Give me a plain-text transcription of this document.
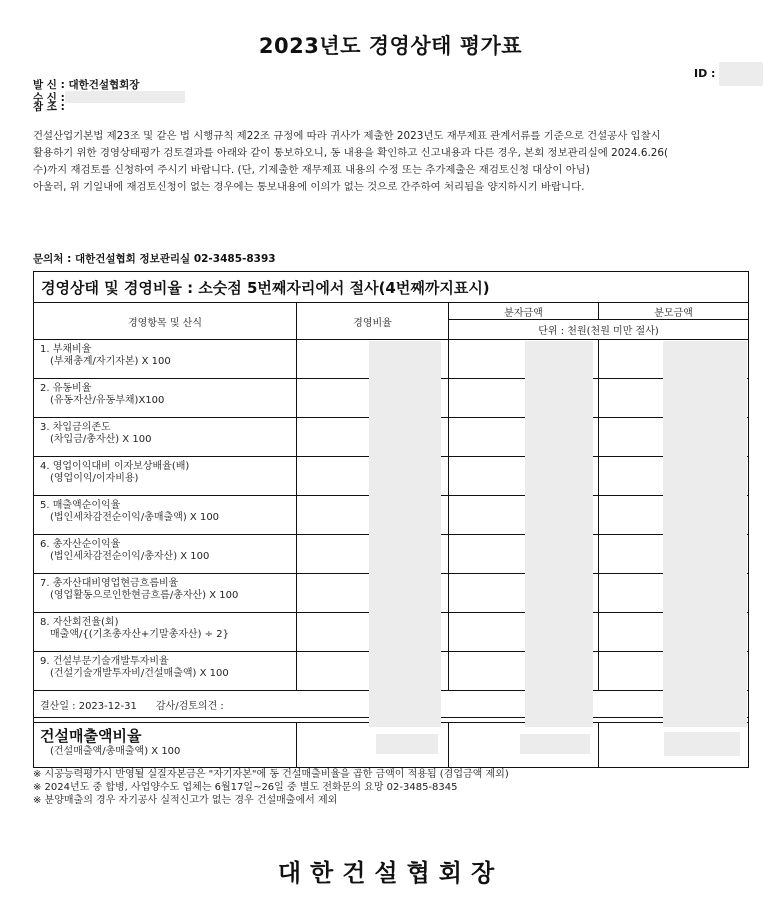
2023년도 경영상태 평가표
ID :
발 신 : 대한건설협회장
수 신 :
참 조 :

건설산업기본법 제23조 및 같은 법 시행규칙 제22조 규정에 따라 귀사가 제출한 2023년도 재무제표 관계서류를 기준으로 건설공사 입찰시

활용하기 위한 경영상태평가 검토결과를 아래와 같이 통보하오니, 동 내용을 확인하고 신고내용과 다른 경우, 본회 정보관리실에 2024.6.26(

수)까지 재검토를 신청하여 주시기 바랍니다. (단, 기제출한 재무제표 내용의 수정 또는 추가제출은 재검토신청 대상이 아님)

아울러, 위 기일내에 재검토신청이 없는 경우에는 통보내용에 이의가 없는 것으로 간주하여 처리됨을 양지하시기 바랍니다.

문의처 : 대한건설협회 정보관리실 02-3485-8393
경영상태 및 경영비율 : 소숫점 5번째자리에서 절사(4번째까지표시)			
경영항목 및 산식	경영비율	분자금액	분모금액
		단위 : 천원(천원 미만 절사)	

1. 부채비율
(부채총계/자기자본) X 100			

2. 유동비율
(유동자산/유동부채)X100			

3. 차입금의존도
(차입금/총자산) X 100			

4. 영업이익대비 이자보상배율(배)
(영업이익/이자비용)			

5. 매출액순이익율
(법인세차감전순이익/총매출액) X 100			

6. 총자산순이익율
(법인세차감전순이익/총자산) X 100			

7. 총자산대비영업현금흐름비율
(영업활동으로인한현금흐름/총자산) X 100			

8. 자산회전율(회)
매출액/{(기초총자산+기말총자산) ÷ 2}			

9. 건설부문기술개발투자비율
(건설기술개발투자비/건설매출액) X 100			

결산일 : 2023-12-31      감사/검토의견 :			

건설매출액비율
(건설매출액/총매출액) X 100			

※ 시공능력평가시 반영될 실질자본금은 "자기자본"에 동 건설매출비율을 곱한 금액이 적용됨 (겸업금액 제외)

※ 2024년도 중 합병, 사업양수도 업체는 6월17일~26일 중 별도 전화문의 요망 02-3485-8345

※ 분양매출의 경우 자기공사 실적신고가 없는 경우 건설매출에서 제외

대한건설협회장
